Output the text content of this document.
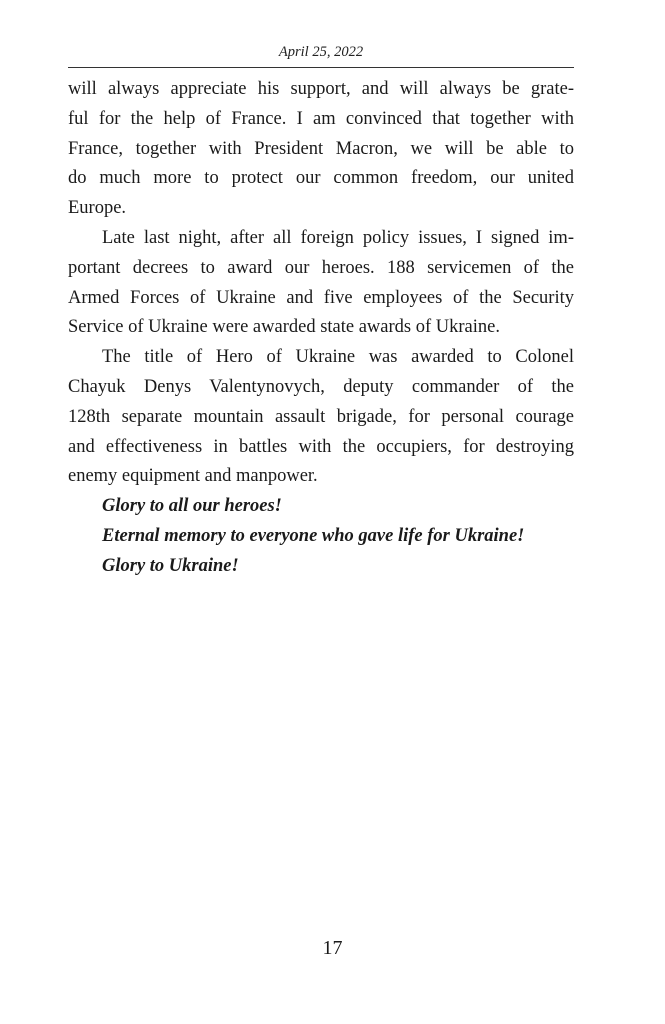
April 25, 2022
will always appreciate his support, and will always be grate-
ful for the help of France. I am convinced that together with
France, together with President Macron, we will be able to
do much more to protect our common freedom, our united
Europe.
Late last night, after all foreign policy issues, I signed im-
portant decrees to award our heroes. 188 servicemen of the
Armed Forces of Ukraine and five employees of the Security
Service of Ukraine were awarded state awards of Ukraine.
The title of Hero of Ukraine was awarded to Colonel
Chayuk Denys Valentynovych, deputy commander of the
128th separate mountain assault brigade, for personal courage
and effectiveness in battles with the occupiers, for destroying
enemy equipment and manpower.
Glory to all our heroes!
Eternal memory to everyone who gave life for Ukraine!
Glory to Ukraine!
17
